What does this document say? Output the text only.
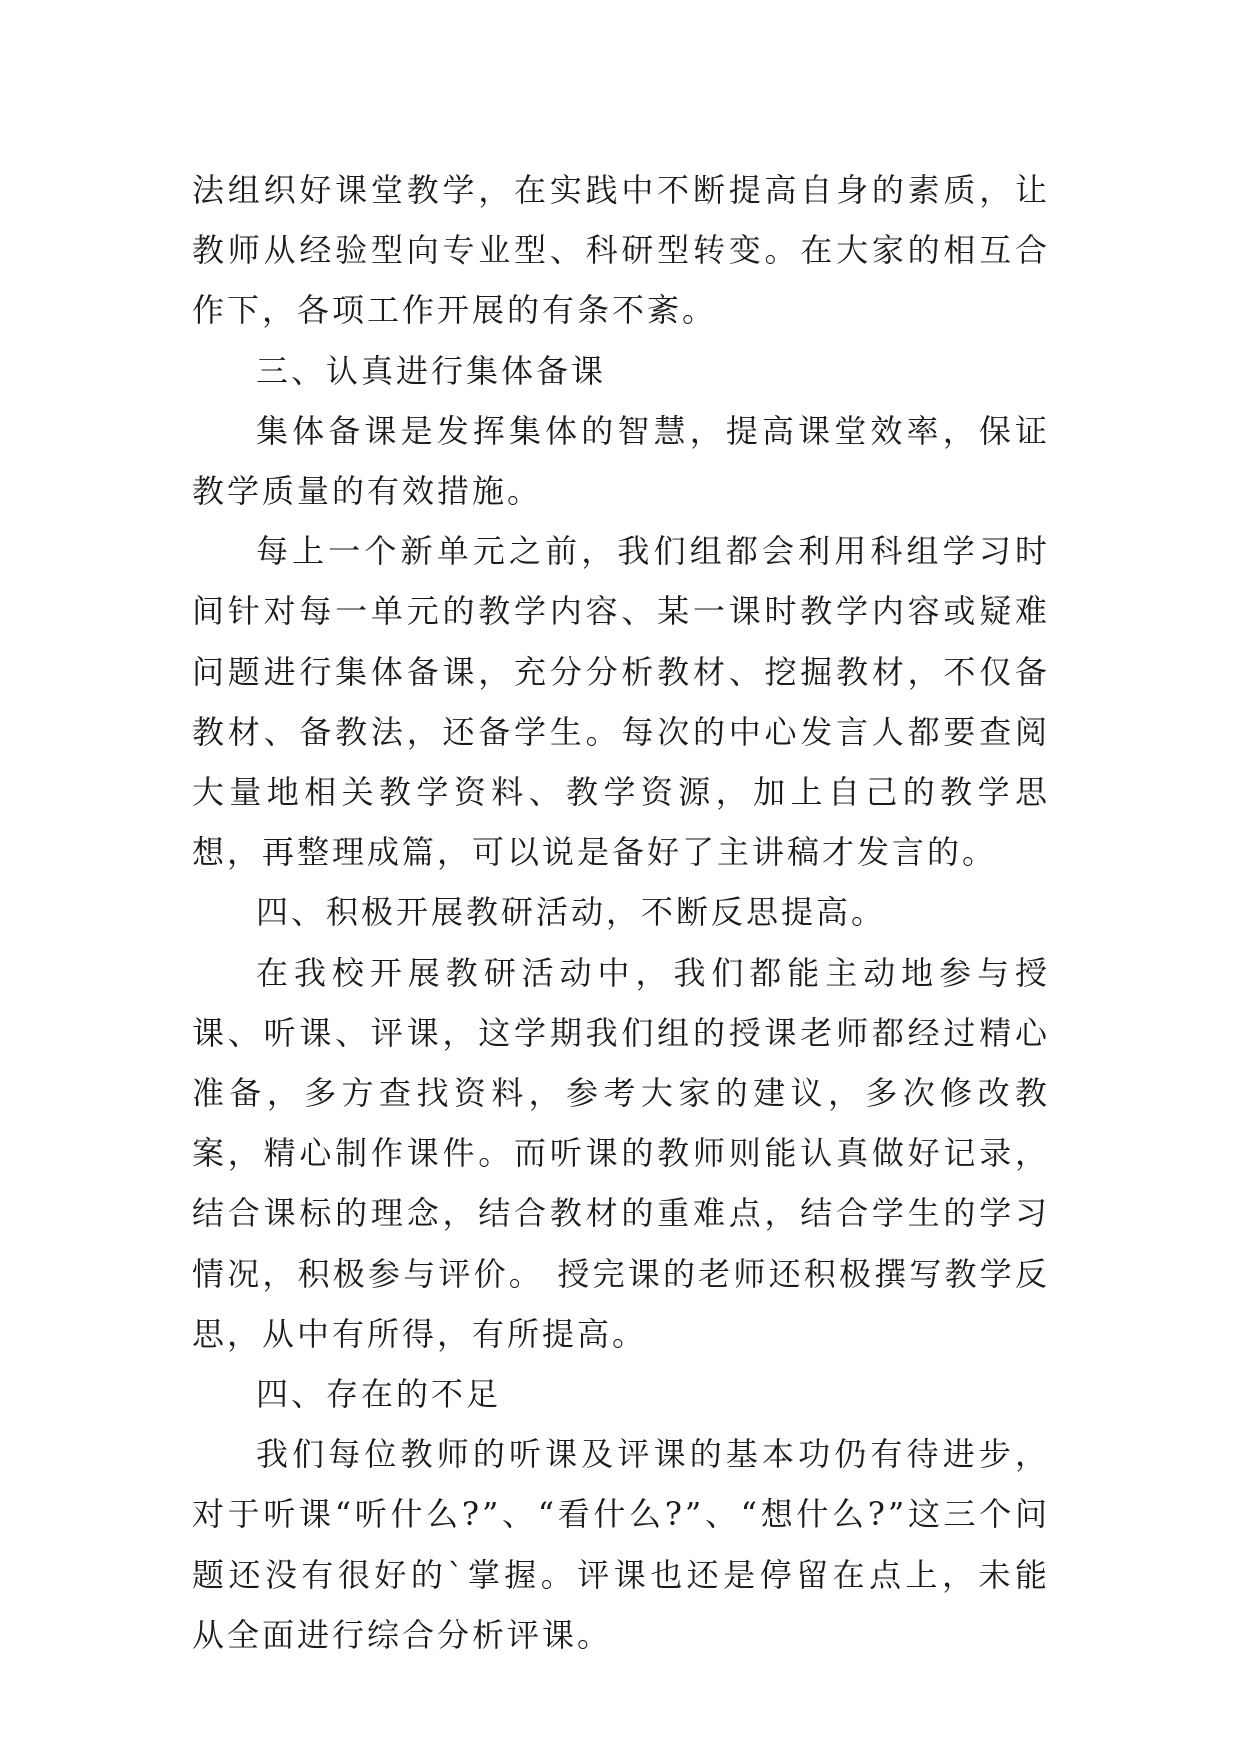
法组织好课堂教学，在实践中不断提高自身的素质，让教师从经验型向专业型、科研型转变。在大家的相互合作下，各项工作开展的有条不紊。

三、认真进行集体备课

集体备课是发挥集体的智慧，提高课堂效率，保证教学质量的有效措施。

每上一个新单元之前，我们组都会利用科组学习时间针对每一单元的教学内容、某一课时教学内容或疑难问题进行集体备课，充分分析教材、挖掘教材，不仅备教材、备教法，还备学生。每次的中心发言人都要查阅大量地相关教学资料、教学资源，加上自己的教学思想，再整理成篇，可以说是备好了主讲稿才发言的。

四、积极开展教研活动，不断反思提高。

在我校开展教研活动中，我们都能主动地参与授课、听课、评课，这学期我们组的授课老师都经过精心准备，多方查找资料，参考大家的建议，多次修改教案，精心制作课件。而听课的教师则能认真做好记录，结合课标的理念，结合教材的重难点，结合学生的学习情况，积极参与评价。 授完课的老师还积极撰写教学反思，从中有所得，有所提高。

四、存在的不足

我们每位教师的听课及评课的基本功仍有待进步，对于听课“听什么?”、“看什么?”、“想什么?”这三个问题还没有很好的`掌握。评课也还是停留在点上，未能从全面进行综合分析评课。
